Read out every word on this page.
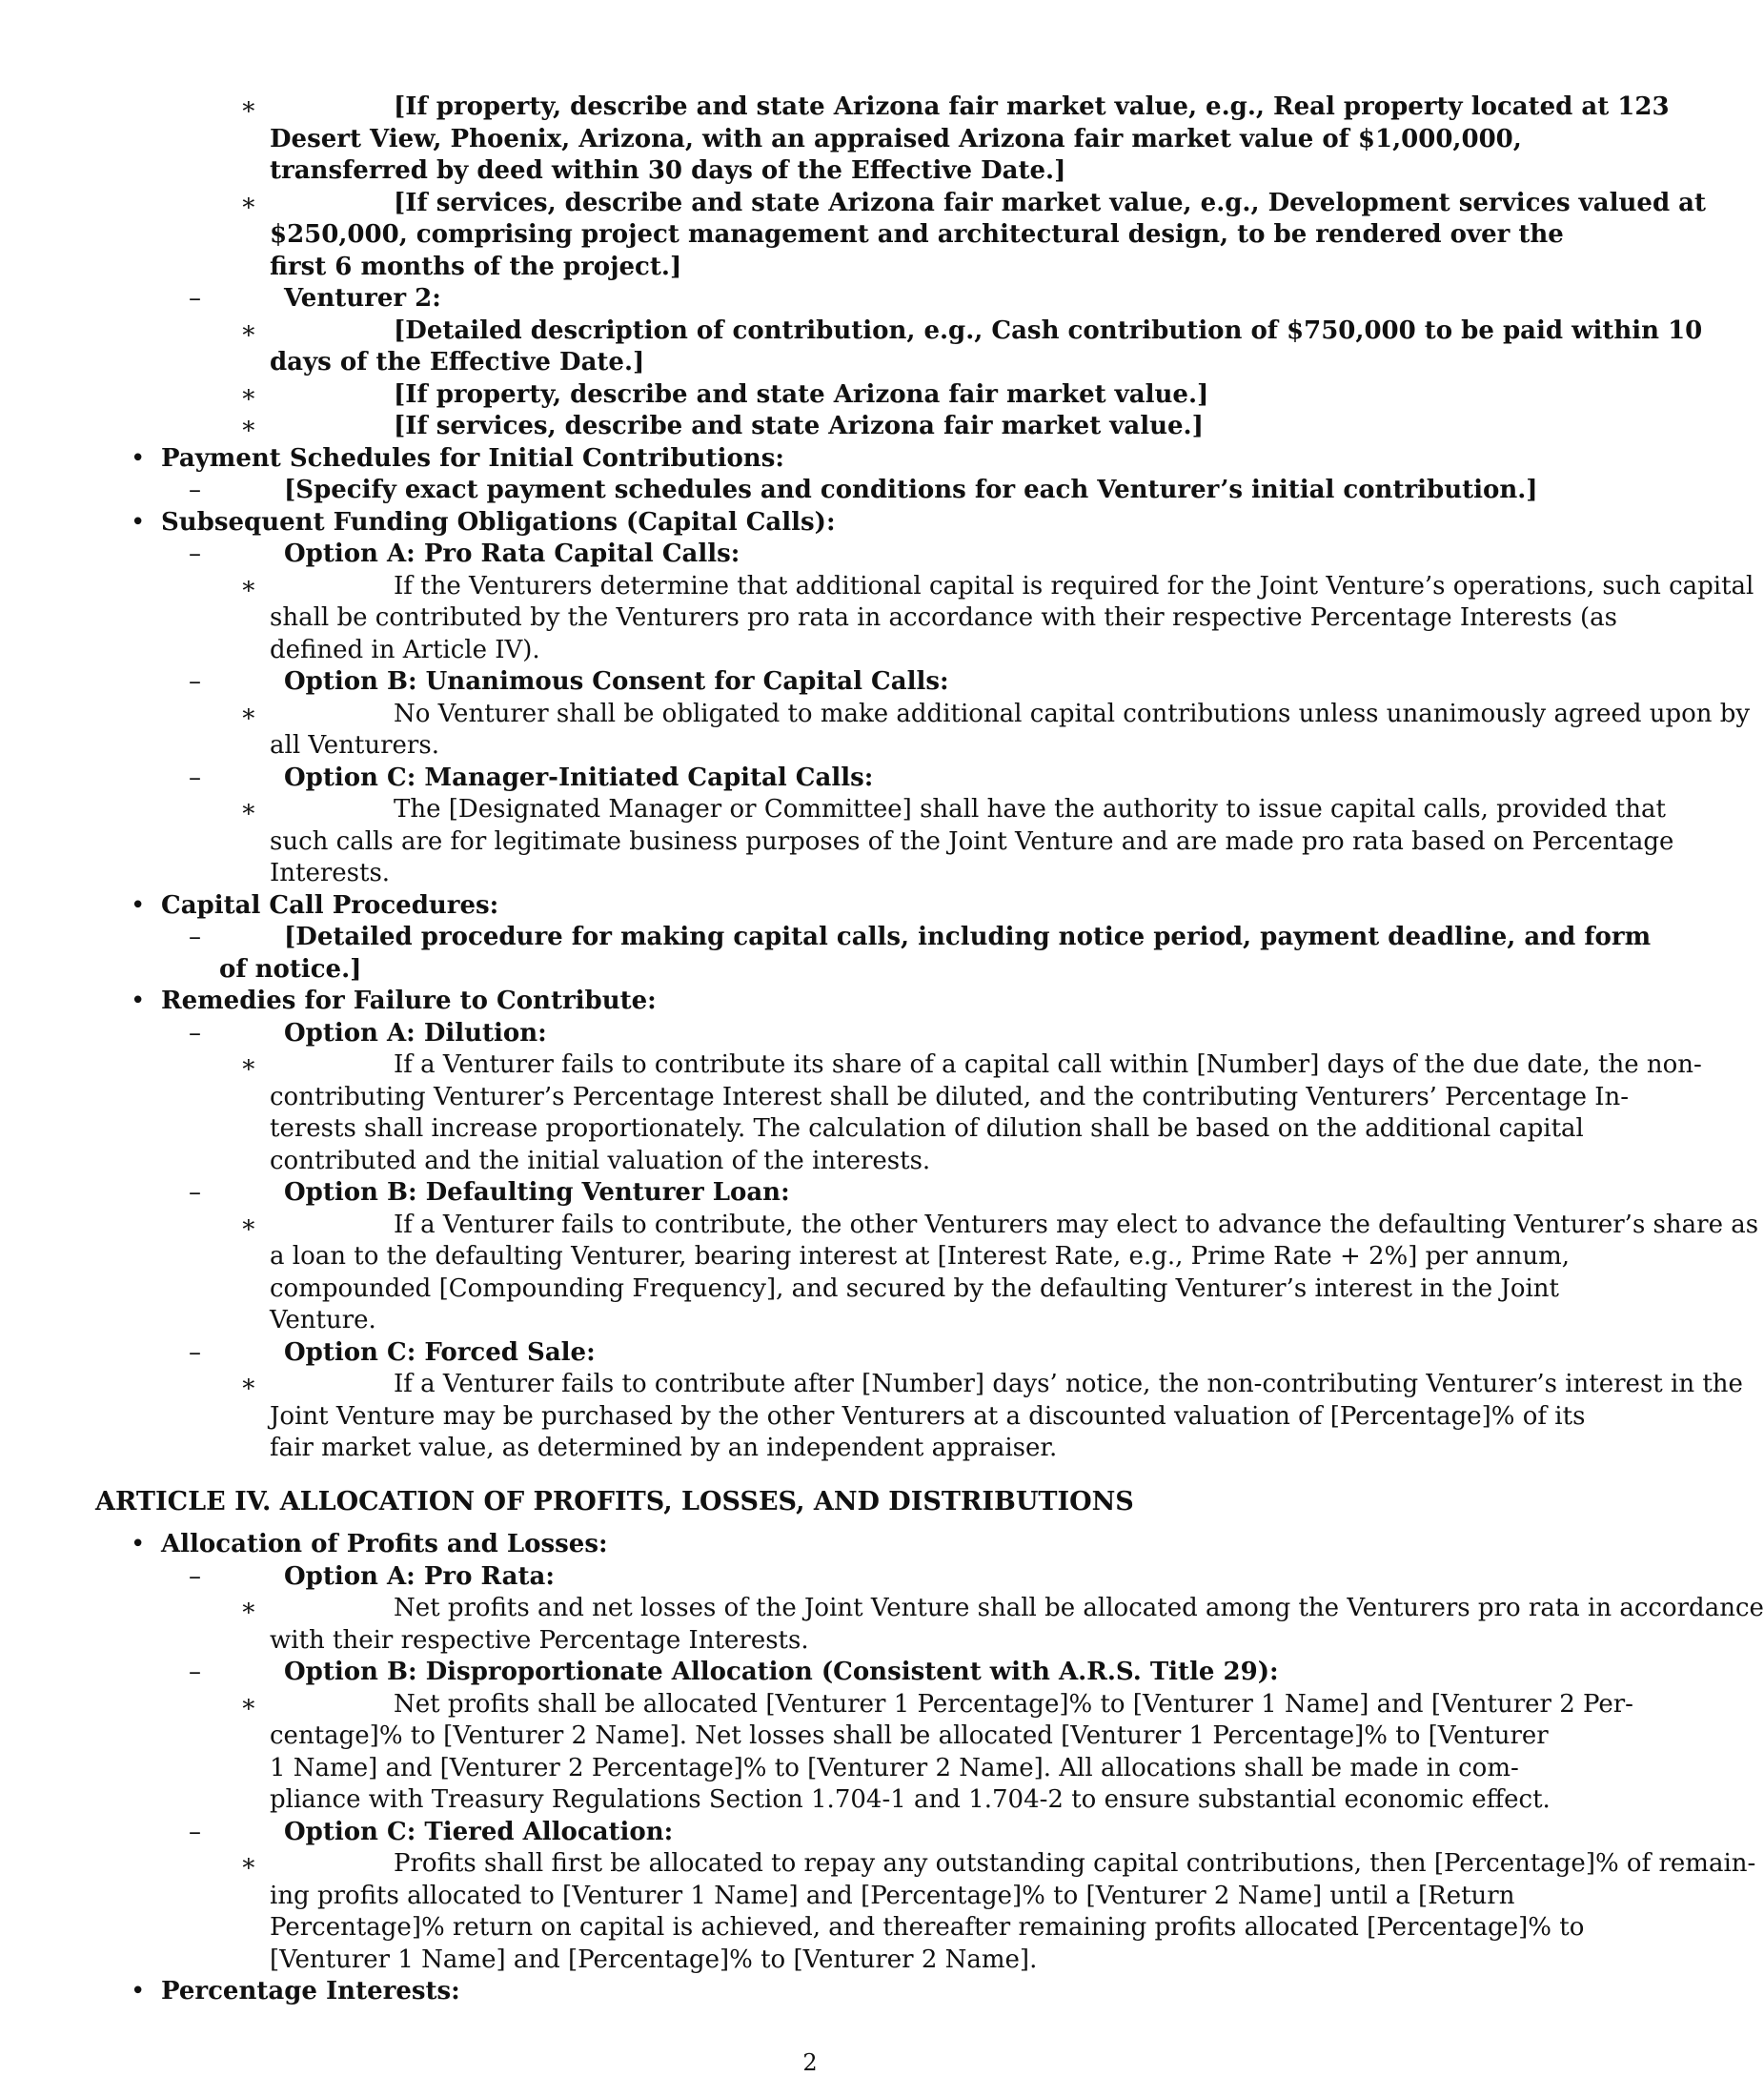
∗	[If property, describe and state Arizona fair market value, e.g., Real property located at 123
Desert View, Phoenix, Arizona, with an appraised Arizona fair market value of $1,000,000,
transferred by deed within 30 days of the Effective Date.]
∗	[If services, describe and state Arizona fair market value, e.g., Development services valued at
$250,000, comprising project management and architectural design, to be rendered over the
first 6 months of the project.]
–	Venturer 2:
∗	[Detailed description of contribution, e.g., Cash contribution of $750,000 to be paid within 10
days of the Effective Date.]
∗	[If property, describe and state Arizona fair market value.]
∗	[If services, describe and state Arizona fair market value.]
• Payment Schedules for Initial Contributions:
–	[Specify exact payment schedules and conditions for each Venturer’s initial contribution.]
• Subsequent Funding Obligations (Capital Calls):
–	Option A: Pro Rata Capital Calls:
∗	If the Venturers determine that additional capital is required for the Joint Venture’s operations, such capital
shall be contributed by the Venturers pro rata in accordance with their respective Percentage Interests (as
defined in Article IV).
–	Option B: Unanimous Consent for Capital Calls:
∗	No Venturer shall be obligated to make additional capital contributions unless unanimously agreed upon by
all Venturers.
–	Option C: Manager-Initiated Capital Calls:
∗	The [Designated Manager or Committee] shall have the authority to issue capital calls, provided that
such calls are for legitimate business purposes of the Joint Venture and are made pro rata based on Percentage
Interests.
• Capital Call Procedures:
–	[Detailed procedure for making capital calls, including notice period, payment deadline, and form
of notice.]
• Remedies for Failure to Contribute:
–	Option A: Dilution:
∗	If a Venturer fails to contribute its share of a capital call within [Number] days of the due date, the non-
contributing Venturer’s Percentage Interest shall be diluted, and the contributing Venturers’ Percentage In-
terests shall increase proportionately. The calculation of dilution shall be based on the additional capital
contributed and the initial valuation of the interests.
–	Option B: Defaulting Venturer Loan:
∗	If a Venturer fails to contribute, the other Venturers may elect to advance the defaulting Venturer’s share as
a loan to the defaulting Venturer, bearing interest at [Interest Rate, e.g., Prime Rate + 2%] per annum,
compounded [Compounding Frequency], and secured by the defaulting Venturer’s interest in the Joint
Venture.
–	Option C: Forced Sale:
∗	If a Venturer fails to contribute after [Number] days’ notice, the non-contributing Venturer’s interest in the
Joint Venture may be purchased by the other Venturers at a discounted valuation of [Percentage]% of its
fair market value, as determined by an independent appraiser.
ARTICLE IV. ALLOCATION OF PROFITS, LOSSES, AND DISTRIBUTIONS
• Allocation of Profits and Losses:
–	Option A: Pro Rata:
∗	Net profits and net losses of the Joint Venture shall be allocated among the Venturers pro rata in accordance
with their respective Percentage Interests.
–	Option B: Disproportionate Allocation (Consistent with A.R.S. Title 29):
∗	Net profits shall be allocated [Venturer 1 Percentage]% to [Venturer 1 Name] and [Venturer 2 Per-
centage]% to [Venturer 2 Name]. Net losses shall be allocated [Venturer 1 Percentage]% to [Venturer
1 Name] and [Venturer 2 Percentage]% to [Venturer 2 Name]. All allocations shall be made in com-
pliance with Treasury Regulations Section 1.704-1 and 1.704-2 to ensure substantial economic effect.
–	Option C: Tiered Allocation:
∗	Profits shall first be allocated to repay any outstanding capital contributions, then [Percentage]% of remain-
ing profits allocated to [Venturer 1 Name] and [Percentage]% to [Venturer 2 Name] until a [Return
Percentage]% return on capital is achieved, and thereafter remaining profits allocated [Percentage]% to
[Venturer 1 Name] and [Percentage]% to [Venturer 2 Name].
• Percentage Interests:
2
